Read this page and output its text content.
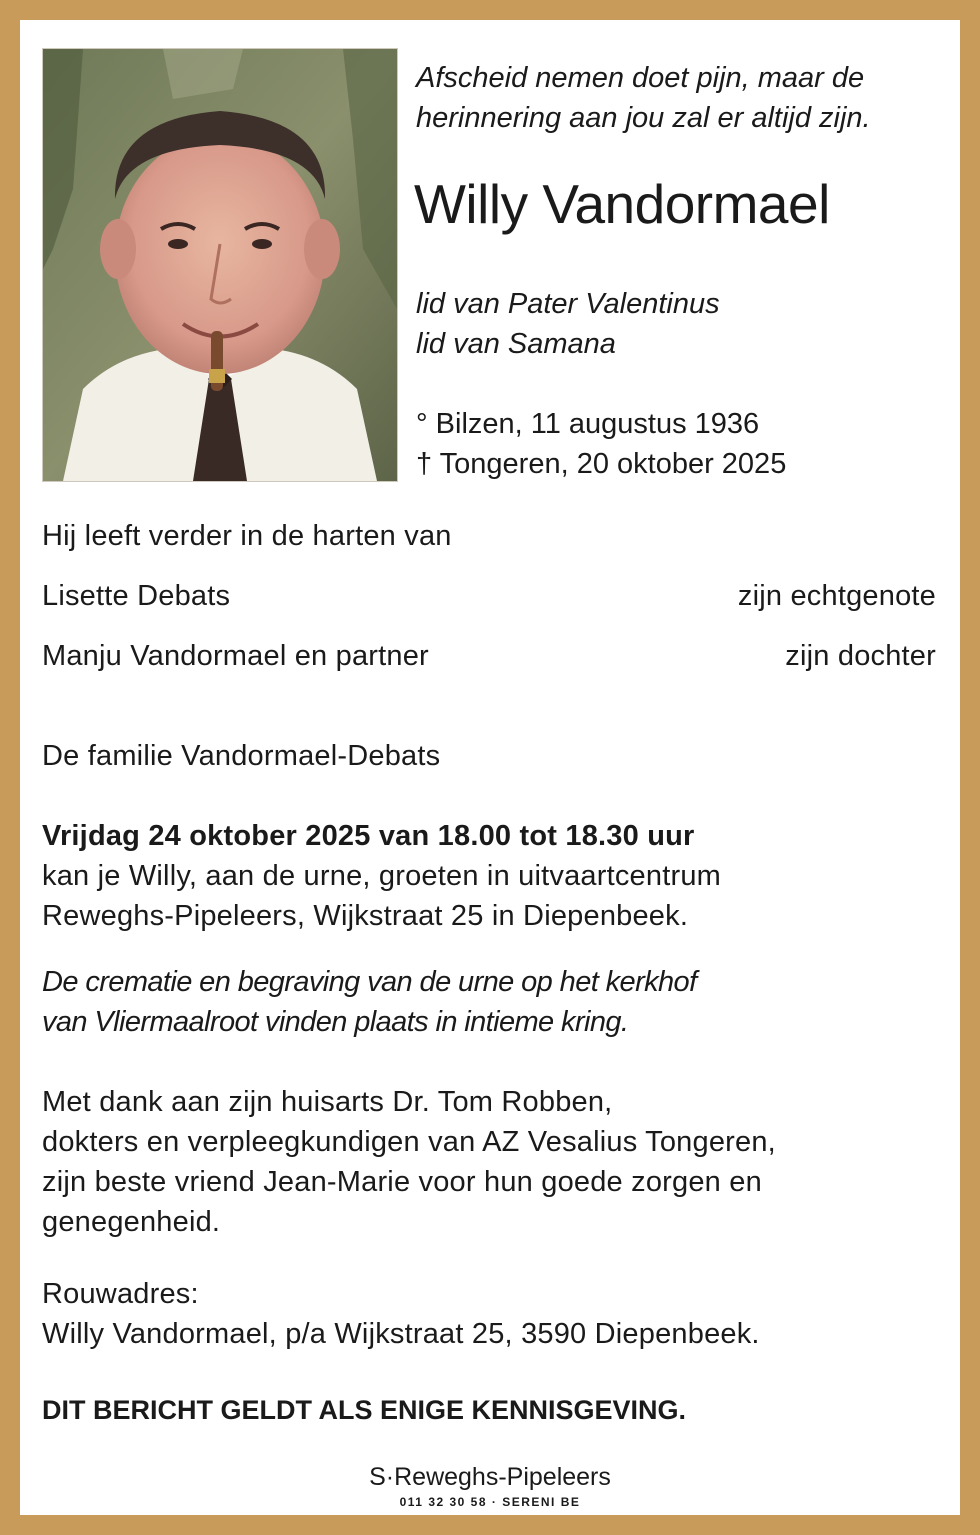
Afscheid nemen doet pijn, maar de

herinnering aan jou zal er altijd zijn.

Willy Vandormael

lid van Pater Valentinus

lid van Samana

° Bilzen, 11 augustus 1936

† Tongeren, 20 oktober 2025

Hij leeft verder in de harten van

Lisette Debats	zijn echtgenote

Manju Vandormael en partner	zijn dochter

De familie Vandormael-Debats

Vrijdag 24 oktober 2025 van 18.00 tot 18.30 uur

kan je Willy, aan de urne, groeten in uitvaartcentrum

Reweghs-Pipeleers, Wijkstraat 25 in Diepenbeek.

De crematie en begraving van de urne op het kerkhof

van Vliermaalroot vinden plaats in intieme kring.

Met dank aan zijn huisarts Dr. Tom Robben,

dokters en verpleegkundigen van AZ Vesalius Tongeren,

zijn beste vriend Jean-Marie voor hun goede zorgen en

genegenheid.

Rouwadres:

Willy Vandormael, p/a Wijkstraat 25, 3590 Diepenbeek.

DIT BERICHT GELDT ALS ENIGE KENNISGEVING.

S·Reweghs-Pipeleers
011 32 30 58 · SERENI BE
